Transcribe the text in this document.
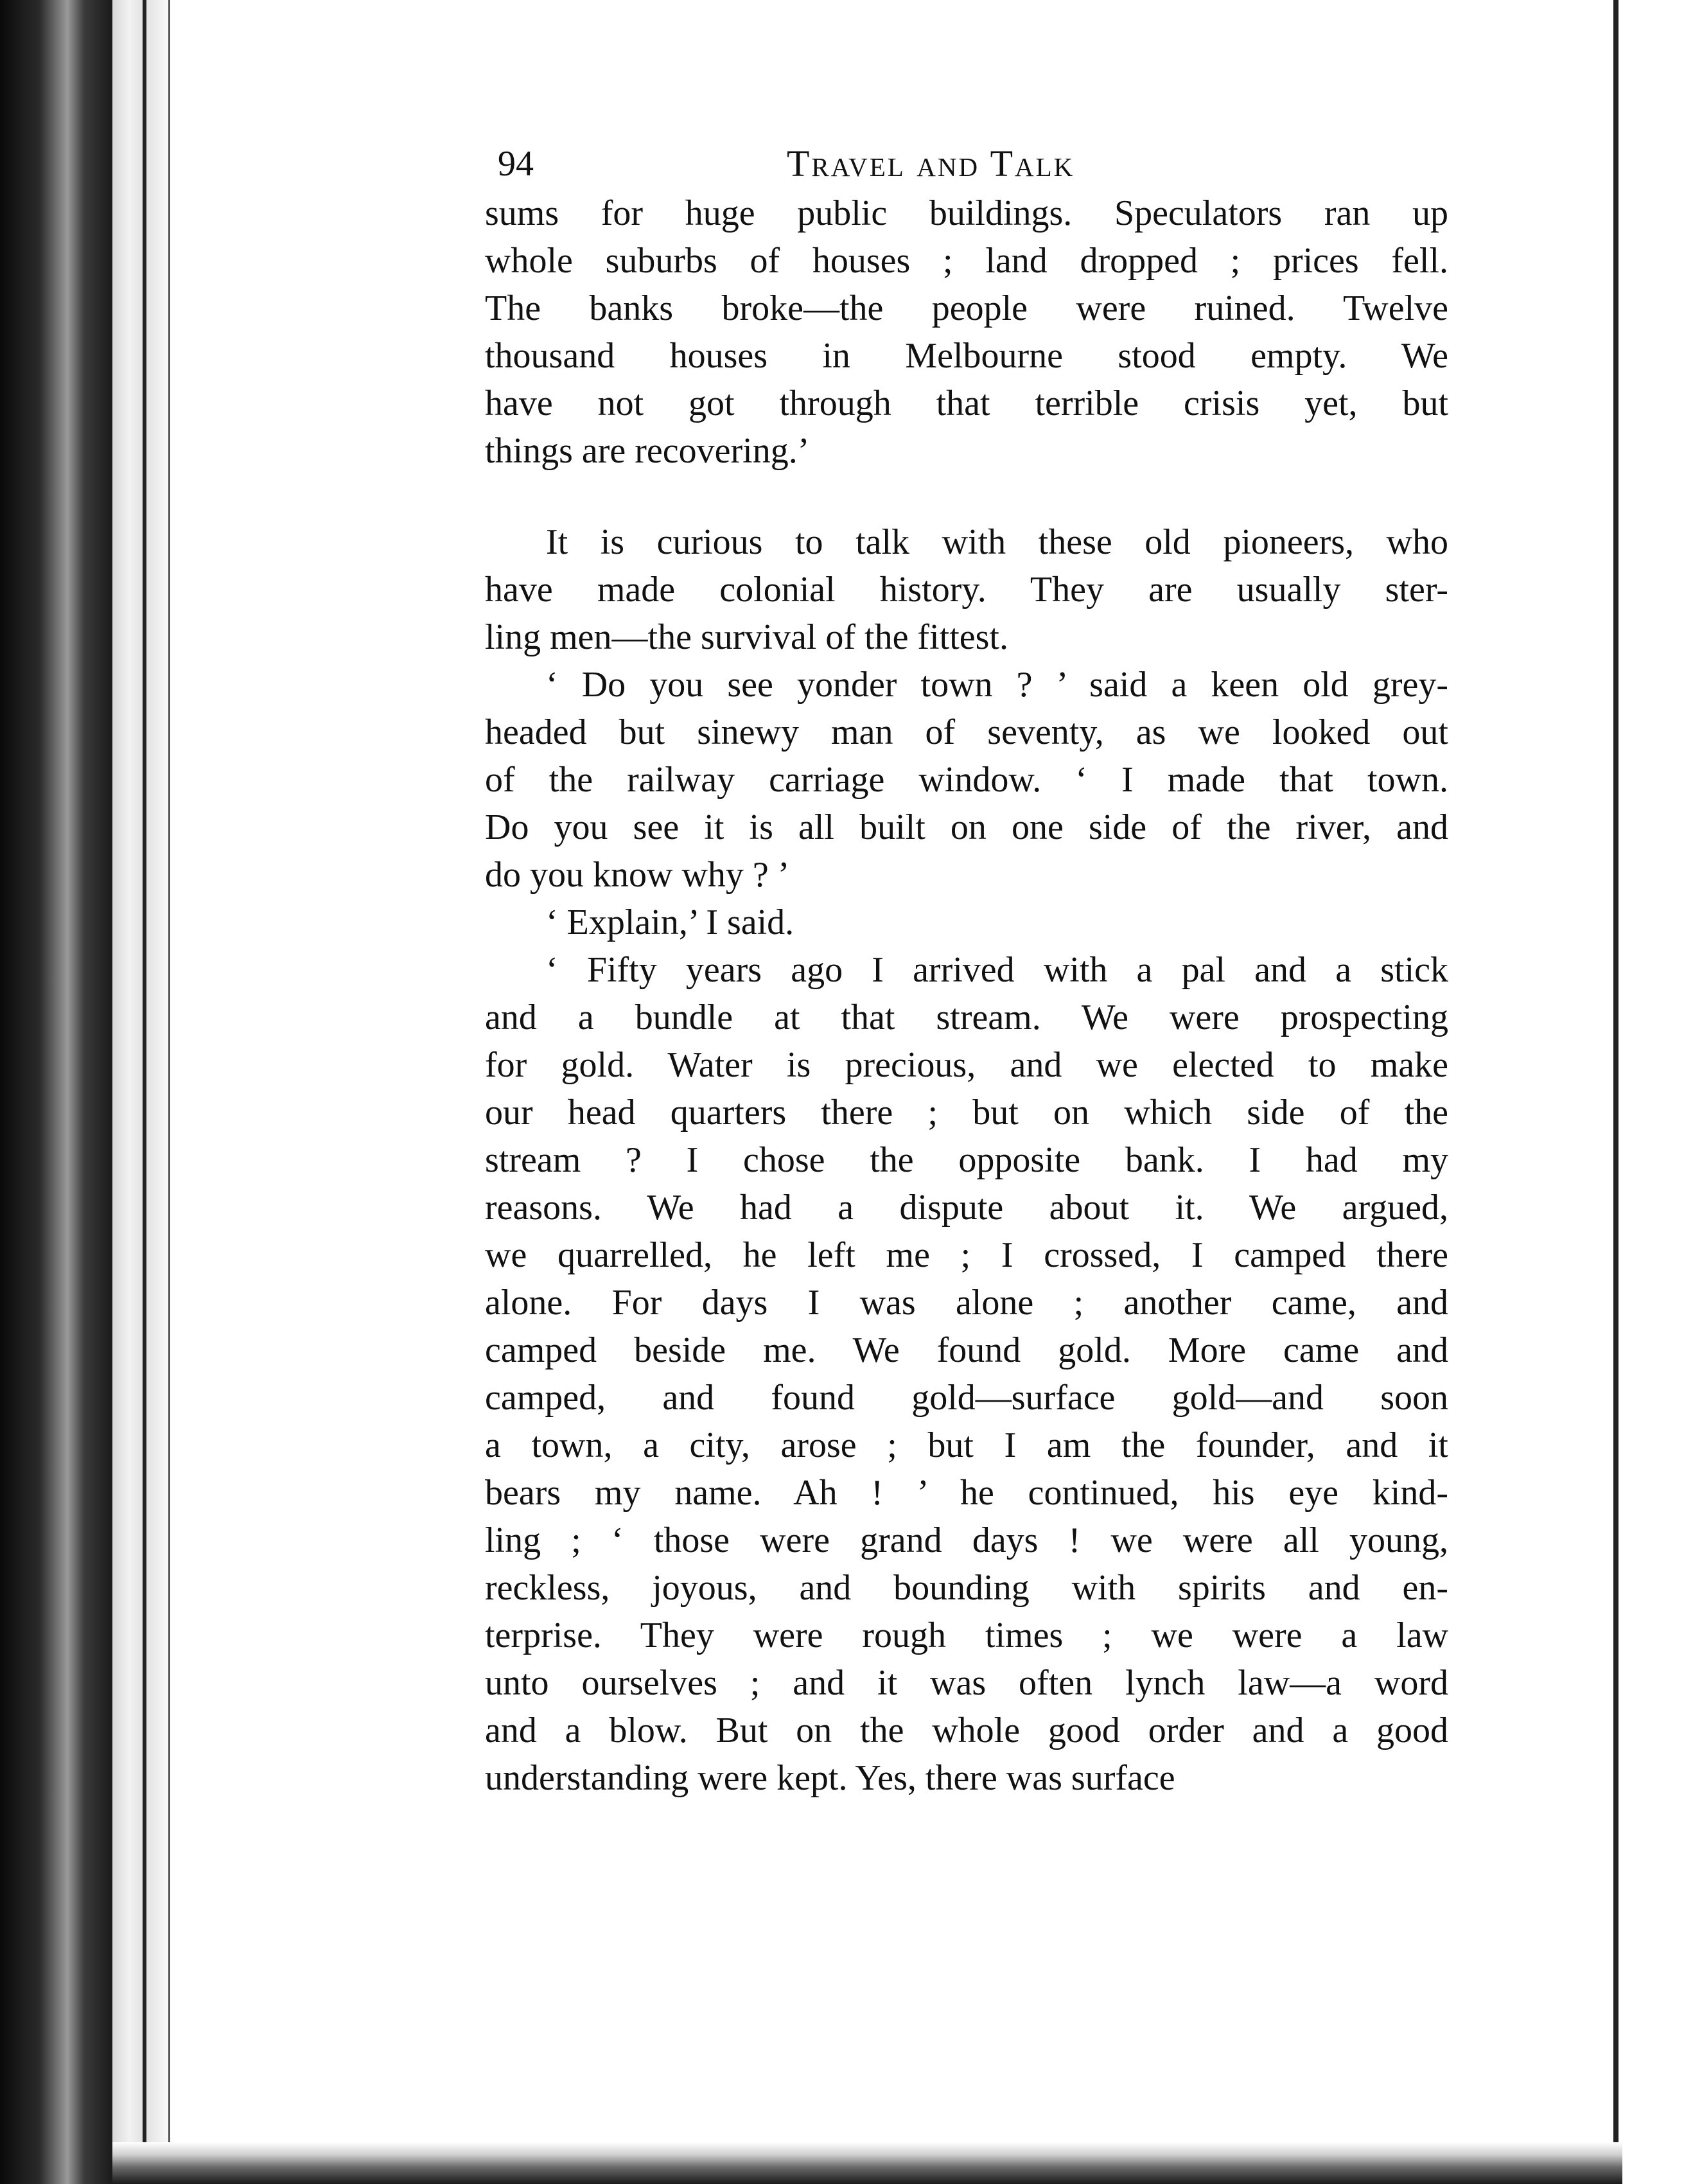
94	Travel and Talk
sums for huge public buildings. Speculators ran up
whole suburbs of houses ; land dropped ; prices fell.
The banks broke—the people were ruined. Twelve
thousand houses in Melbourne stood empty. We
have not got through that terrible crisis yet, but
things are recovering.’
It is curious to talk with these old pioneers, who
have made colonial history. They are usually ster-
ling men—the survival of the fittest.
‘ Do you see yonder town ? ’ said a keen old grey-
headed but sinewy man of seventy, as we looked out
of the railway carriage window. ‘ I made that town.
Do you see it is all built on one side of the river, and
do you know why ? ’
‘ Explain,’ I said.
‘ Fifty years ago I arrived with a pal and a stick
and a bundle at that stream. We were prospecting
for gold. Water is precious, and we elected to make
our head quarters there ; but on which side of the
stream ? I chose the opposite bank. I had my
reasons. We had a dispute about it. We argued,
we quarrelled, he left me ; I crossed, I camped there
alone. For days I was alone ; another came, and
camped beside me. We found gold. More came and
camped, and found gold—surface gold—and soon
a town, a city, arose ; but I am the founder, and it
bears my name. Ah ! ’ he continued, his eye kind-
ling ; ‘ those were grand days ! we were all young,
reckless, joyous, and bounding with spirits and en-
terprise. They were rough times ; we were a law
unto ourselves ; and it was often lynch law—a word
and a blow. But on the whole good order and a good
understanding were kept. Yes, there was surface
